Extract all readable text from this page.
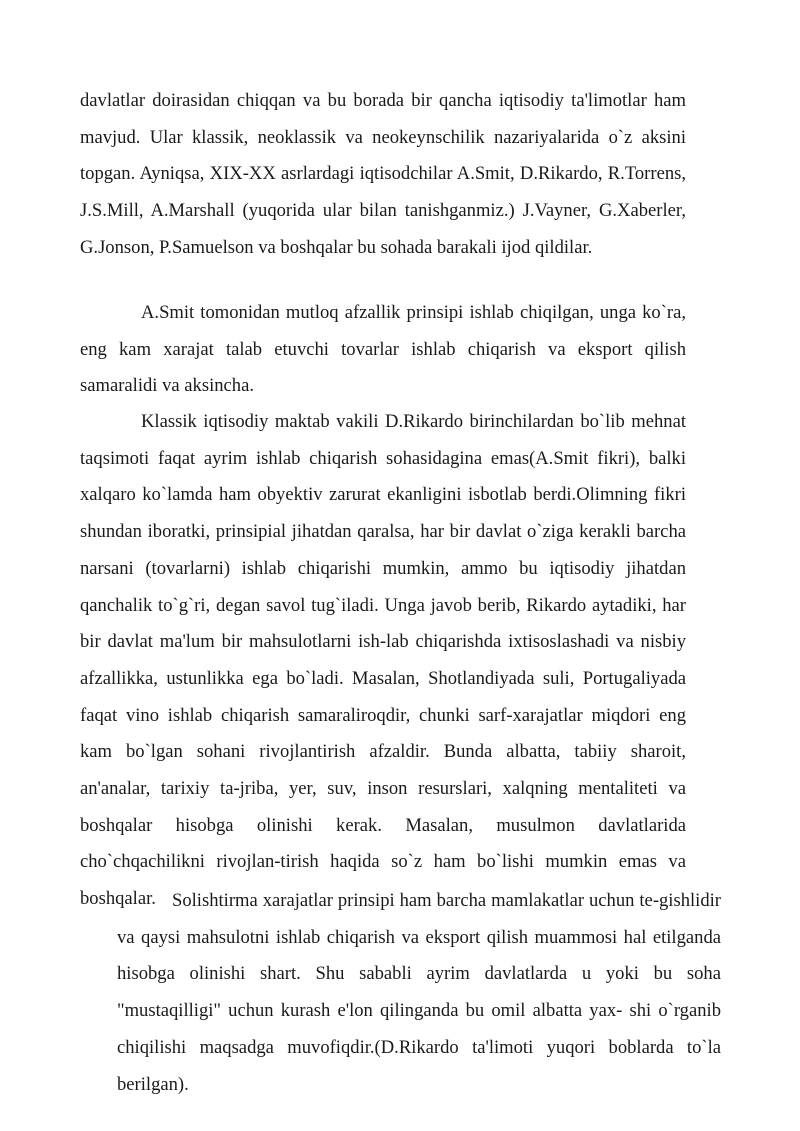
davlatlar doirasidan chiqqan va bu borada bir qancha iqtisodiy ta'limotlar ham mavjud. Ular klassik, neoklassik va neokeynschilik nazariyalarida o`z aksini topgan. Ayniqsa, XIX-XX asrlardagi iqtisodchilar A.Smit, D.Rikardo, R.Torrens, J.S.Mill, A.Marshall (yuqorida ular bilan tanishganmiz.) J.Vayner, G.Xaberler, G.Jonson, P.Samuelson va boshqalar bu sohada barakali ijod qildilar.

A.Smit tomonidan mutloq afzallik prinsipi ishlab chiqilgan, unga ko`ra, eng kam xarajat talab etuvchi tovarlar ishlab chiqarish va eksport qilish samaralidi va aksincha.

Klassik iqtisodiy maktab vakili D.Rikardo birinchilardan bo`lib mehnat taqsimoti faqat ayrim ishlab chiqarish sohasidagina emas(A.Smit fikri), balki xalqaro ko`lamda ham obyektiv zarurat ekanligini isbotlab berdi.Olimning fikri shundan iboratki, prinsipial jihatdan qaralsa, har bir davlat o`ziga kerakli barcha narsani (tovarlarni) ishlab chiqarishi mumkin, ammo bu iqtisodiy jihatdan qanchalik to`g`ri, degan savol tug`iladi. Unga javob berib, Rikardo aytadiki, har bir davlat ma'lum bir mahsulotlarni ish-lab chiqarishda ixtisoslashadi va nisbiy afzallikka, ustunlikka ega bo`ladi. Masalan, Shotlandiyada suli, Portugaliyada faqat vino ishlab chiqarish samaraliroqdir, chunki sarf-xarajatlar miqdori eng kam bo`lgan sohani rivojlantirish afzaldir. Bunda albatta, tabiiy sharoit, an'analar, tarixiy ta-jriba, yer, suv, inson resurslari, xalqning mentaliteti va boshqalar hisobga olinishi kerak. Masalan, musulmon davlatlarida cho`chqachilikni rivojlan-tirish haqida so`z ham bo`lishi mumkin emas va boshqalar. Solishtirma xarajatlar prinsipi ham barcha mamlakatlar uchun te-gishlidir va qaysi mahsulotni ishlab chiqarish va eksport qilish muammosi hal etilganda hisobga olinishi shart. Shu sababli ayrim davlatlarda u yoki bu soha "mustaqilligi" uchun kurash e'lon qilinganda bu omil albatta yax- shi o`rganib chiqilishi maqsadga muvofiqdir.(D.Rikardo ta'limoti yuqori boblarda to`la berilgan).
